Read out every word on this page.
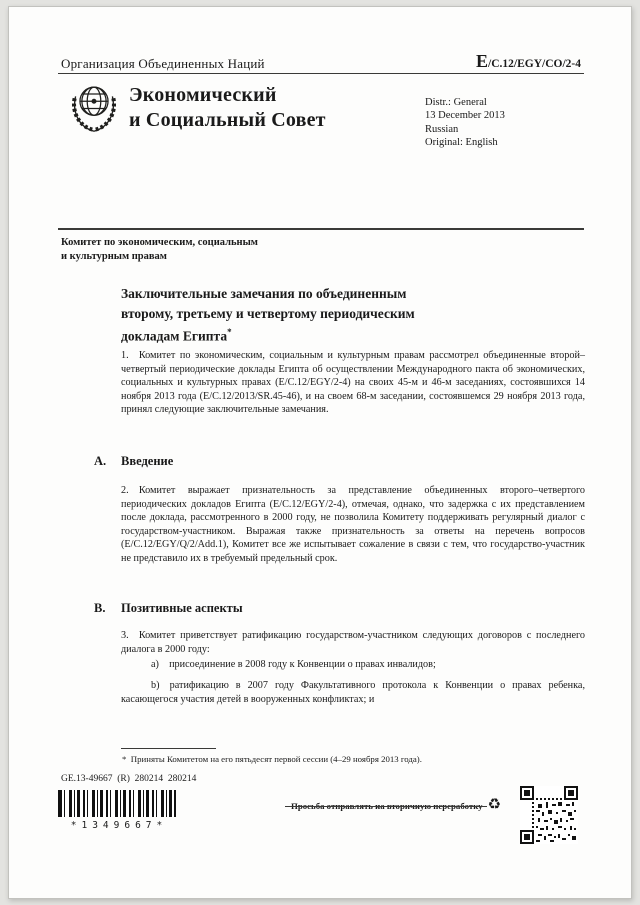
Организация Объединенных Наций	E/C.12/EGY/CO/2-4
Экономический
и Социальный Совет
Distr.: General
13 December 2013
Russian
Original: English
Комитет по экономическим, социальным
и культурным правам
Заключительные замечания по объединенным
второму, третьему и четвертому периодическим
докладам Египта*

1. Комитет по экономическим, социальным и культурным правам рассмотрел объединенные второй–четвертый периодические доклады Египта об осуществлении Международного пакта об экономических, социальных и культурных правах (E/C.12/EGY/2-4) на своих 45-м и 46-м заседаниях, состоявшихся 14 ноября 2013 года (E/C.12/2013/SR.45-46), и на своем 68-м заседании, состоявшемся 29 ноября 2013 года, принял следующие заключительные замечания.

A.	Введение

2. Комитет выражает признательность за представление объединенных второго–четвертого периодических докладов Египта (E/C.12/EGY/2-4), отмечая, однако, что задержка с их представлением после доклада, рассмотренного в 2000 году, не позволила Комитету поддерживать регулярный диалог с государством-участником. Выражая также признательность за ответы на перечень вопросов (E/C.12/EGY/Q/2/Add.1), Комитет все же испытывает сожаление в связи с тем, что государство-участник не представило их в требуемый предельный срок.

B.	Позитивные аспекты

3. Комитет приветствует ратификацию государством-участником следующих договоров с последнего диалога в 2000 году:

a) присоединение в 2008 году к Конвенции о правах инвалидов;

b) ратификацию в 2007 году Факультативного протокола к Конвенции о правах ребенка, касающегося участия детей в вооруженных конфликтах; и

* Приняты Комитетом на его пятьдесят первой сессии (4–29 ноября 2013 года).

GE.13-49667  (R)  280214  280214
*1349667*
Просьба отправлять на вторичную переработку ♻
